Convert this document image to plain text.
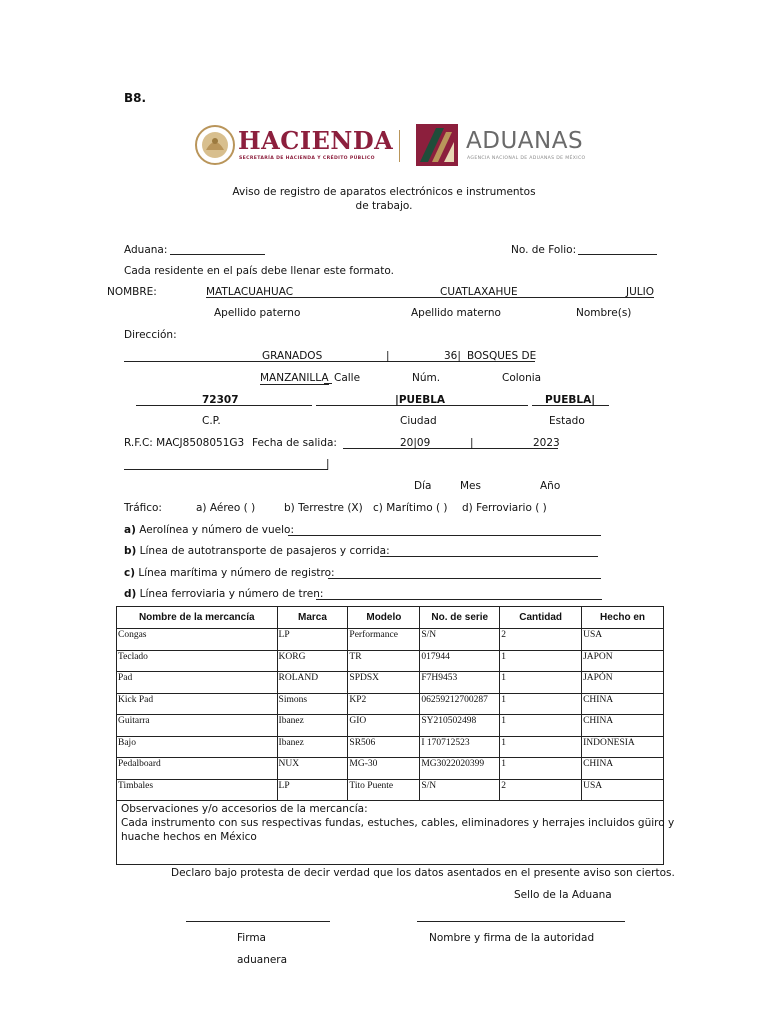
B8.
HACIENDA
SECRETARÍA DE HACIENDA Y CRÉDITO PÚBLICO
ADUANAS
AGENCIA NACIONAL DE ADUANAS DE MÉXICO
Aviso de registro de aparatos electrónicos e instrumentos
de trabajo.
Aduana:	No. de Folio:
Cada residente en el país debe llenar este formato.
NOMBRE:	MATLACUAHUAC	CUATLAXAHUE	JULIO
Apellido paterno	Apellido materno	Nombre(s)
Dirección:
GRANADOS	|	36| BOSQUES DE
MANZANILLA Calle	Núm.	Colonia
72307	|PUEBLA	PUEBLA|
C.P.	Ciudad	Estado
R.F.C: MACJ8508051G3 Fecha de salida:	20|09	|	2023
|
Día	Mes	Año
Tráfico:	a) Aéreo ( )	b) Terrestre (X) c) Marítimo ( ) d) Ferroviario ( )
a) Aerolínea y número de vuelo:
b) Línea de autotransporte de pasajeros y corrida:
c) Línea marítima y número de registro:
d) Línea ferroviaria y número de tren:
Nombre de la mercancía	Marca	Modelo	No. de serie	Cantidad	Hecho en
Congas	LP	Performance	S/N	2	USA
Teclado	KORG	TR	017944	1	JAPON
Pad	ROLAND	SPDSX	F7H9453	1	JAPÓN
Kick Pad	Simons	KP2	06259212700287	1	CHINA
Guitarra	Ibanez	GIO	SY210502498	1	CHINA
Bajo	Ibanez	SR506	I 170712523	1	INDONESIA
Pedalboard	NUX	MG-30	MG3022020399	1	CHINA
Timbales	LP	Tito Puente	S/N	2	USA
Observaciones y/o accesorios de la mercancía:
Cada instrumento con sus respectivas fundas, estuches, cables, eliminadores y herrajes incluidos güiro y
huache hechos en México
Declaro bajo protesta de decir verdad que los datos asentados en el presente aviso son ciertos.
Sello de la Aduana
Firma	Nombre y firma de la autoridad
aduanera
